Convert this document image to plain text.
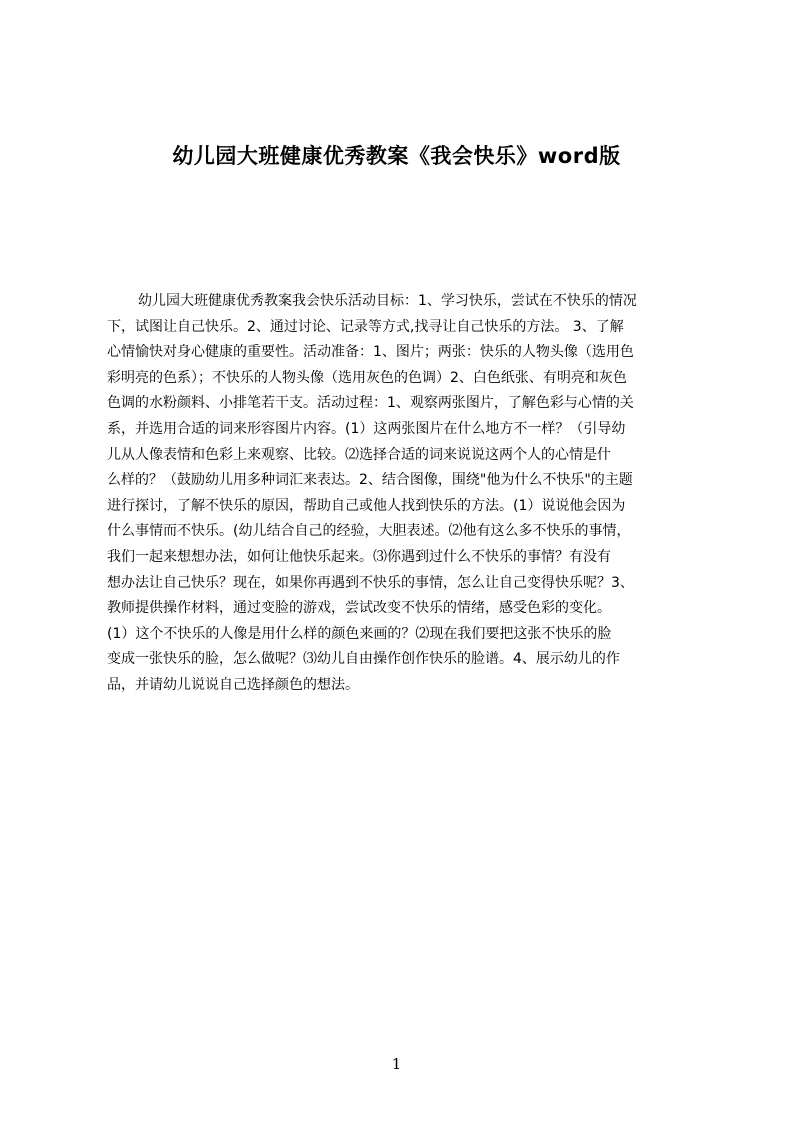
幼儿园大班健康优秀教案《我会快乐》word版
幼儿园大班健康优秀教案我会快乐活动目标：1、学习快乐，尝试在不快乐的情况
下，试图让自己快乐。2、通过讨论、记录等方式,找寻让自己快乐的方法。 3、了解
心情愉快对身心健康的重要性。活动准备：1、图片；两张：快乐的人物头像（选用色
彩明亮的色系）；不快乐的人物头像（选用灰色的色调）2、白色纸张、有明亮和灰色
色调的水粉颜料、小排笔若干支。活动过程：1、观察两张图片，了解色彩与心情的关
系，并选用合适的词来形容图片内容。(1）这两张图片在什么地方不一样？（引导幼
儿从人像表情和色彩上来观察、比较。⑵选择合适的词来说说这两个人的心情是什
么样的？（鼓励幼儿用多种词汇来表达。2、结合图像，围绕"他为什么不快乐"的主题
进行探讨，了解不快乐的原因，帮助自己或他人找到快乐的方法。(1）说说他会因为
什么事情而不快乐。(幼儿结合自己的经验，大胆表述。⑵他有这么多不快乐的事情，
我们一起来想想办法，如何让他快乐起来。⑶你遇到过什么不快乐的事情？有没有
想办法让自己快乐？现在，如果你再遇到不快乐的事情，怎么让自己变得快乐呢？3、
教师提供操作材料，通过变脸的游戏，尝试改变不快乐的情绪，感受色彩的变化。
(1）这个不快乐的人像是用什么样的颜色来画的？⑵现在我们要把这张不快乐的脸
变成一张快乐的脸，怎么做呢？⑶幼儿自由操作创作快乐的脸谱。4、展示幼儿的作
品，并请幼儿说说自己选择颜色的想法。
1
